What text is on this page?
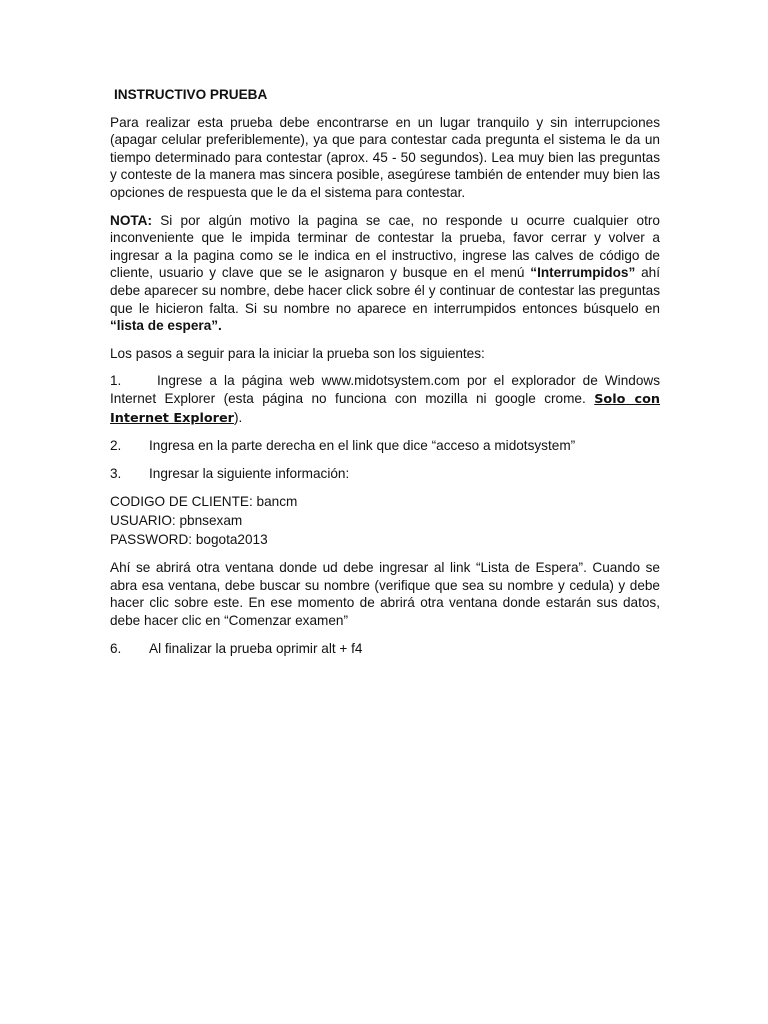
INSTRUCTIVO PRUEBA

Para realizar esta prueba debe encontrarse en un lugar tranquilo y sin interrupciones (apagar celular preferiblemente), ya que para contestar cada pregunta el sistema le da un tiempo determinado para contestar (aprox. 45 - 50 segundos). Lea muy bien las preguntas y conteste de la manera mas sincera posible, asegúrese también de entender muy bien las opciones de respuesta que le da el sistema para contestar.

NOTA: Si por algún motivo la pagina se cae, no responde u ocurre cualquier otro inconveniente que le impida terminar de contestar la prueba, favor cerrar y volver a ingresar a la pagina como se le indica en el instructivo, ingrese las calves de código de cliente, usuario y clave que se le asignaron y busque en el menú “Interrumpidos” ahí debe aparecer su nombre, debe hacer click sobre él y continuar de contestar las preguntas que le hicieron falta. Si su nombre no aparece en interrumpidos entonces búsquelo en “lista de espera”.

Los pasos a seguir para la iniciar la prueba son los siguientes:

1.	Ingrese a la página web www.midotsystem.com por el explorador de Windows Internet Explorer (esta página no funciona con mozilla ni google crome. Solo con Internet Explorer).

2. Ingresa en la parte derecha en el link que dice “acceso a midotsystem”

3. Ingresar la siguiente información:

CODIGO DE CLIENTE: bancm
USUARIO: pbnsexam
PASSWORD: bogota2013

Ahí se abrirá otra ventana donde ud debe ingresar al link “Lista de Espera”. Cuando se abra esa ventana, debe buscar su nombre (verifique que sea su nombre y cedula) y debe hacer clic sobre este. En ese momento de abrirá otra ventana donde estarán sus datos, debe hacer clic en “Comenzar examen”

6. Al finalizar la prueba oprimir alt + f4
